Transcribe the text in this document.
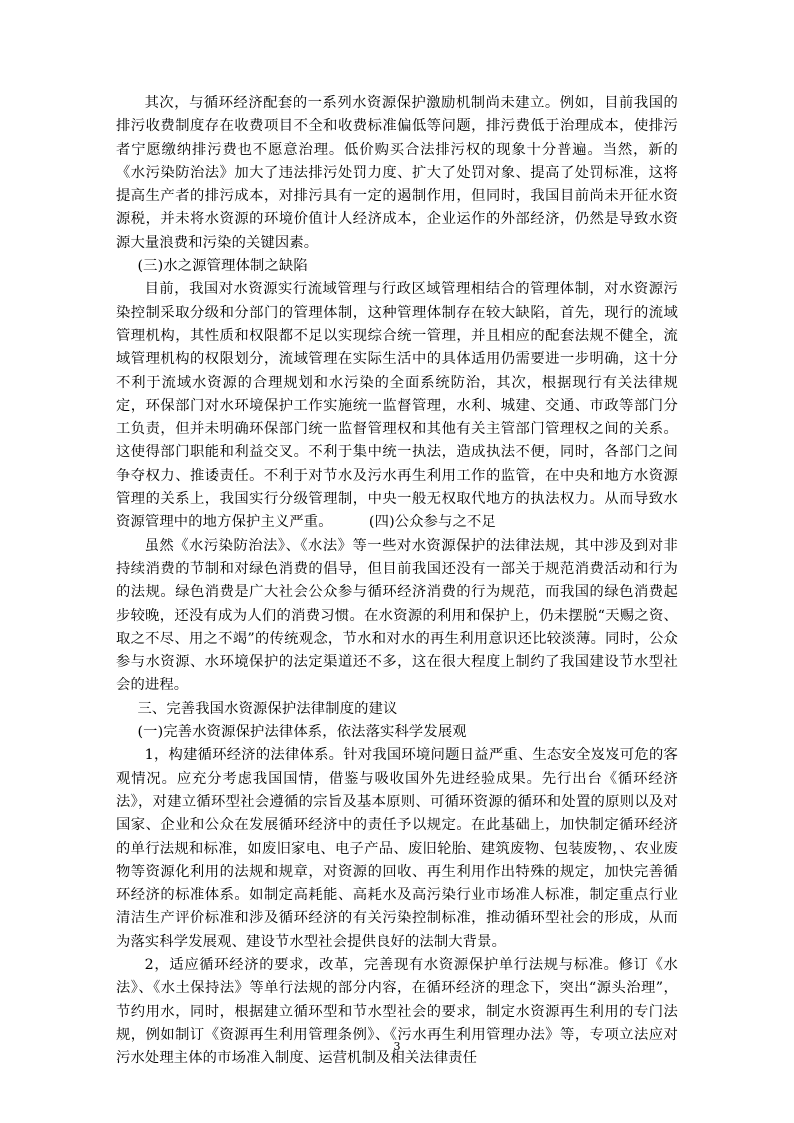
其次，与循环经济配套的一系列水资源保护激励机制尚未建立。例如，目前我国的排污收费制度存在收费项目不全和收费标准偏低等问题，排污费低于治理成本，使排污者宁愿缴纳排污费也不愿意治理。低价购买合法排污权的现象十分普遍。当然，新的《水污染防治法》加大了违法排污处罚力度、扩大了处罚对象、提高了处罚标准，这将提高生产者的排污成本，对排污具有一定的遏制作用，但同时，我国目前尚未开征水资源税，并未将水资源的环境价值计人经济成本，企业运作的外部经济，仍然是导致水资源大量浪费和污染的关键因素。

(三)水之源管理体制之缺陷

目前，我国对水资源实行流域管理与行政区域管理相结合的管理体制，对水资源污染控制采取分级和分部门的管理体制，这种管理体制存在较大缺陷，首先，现行的流域管理机构，其性质和权限都不足以实现综合统一管理，并且相应的配套法规不健全，流域管理机构的权限划分，流域管理在实际生活中的具体适用仍需要进一步明确，这十分不利于流域水资源的合理规划和水污染的全面系统防治，其次，根据现行有关法律规定，环保部门对水环境保护工作实施统一监督管理，水利、城建、交通、市政等部门分工负责，但并未明确环保部门统一监督管理权和其他有关主管部门管理权之间的关系。这使得部门职能和利益交叉。不利于集中统一执法，造成执法不便，同时，各部门之间争夺权力、推诿责任。不利于对节水及污水再生利用工作的监管，在中央和地方水资源管理的关系上，我国实行分级管理制，中央一般无权取代地方的执法权力。从而导致水资源管理中的地方保护主义严重。　　　(四)公众参与之不足

虽然《水污染防治法》、《水法》等一些对水资源保护的法律法规，其中涉及到对非持续消费的节制和对绿色消费的倡导，但目前我国还没有一部关于规范消费活动和行为的法规。绿色消费是广大社会公众参与循环经济消费的行为规范，而我国的绿色消费起步较晚，还没有成为人们的消费习惯。在水资源的利用和保护上，仍未摆脱“天赐之资、取之不尽、用之不竭”的传统观念，节水和对水的再生利用意识还比较淡薄。同时，公众参与水资源、水环境保护的法定渠道还不多，这在很大程度上制约了我国建设节水型社会的进程。

三、完善我国水资源保护法律制度的建议

(一)完善水资源保护法律体系，依法落实科学发展观

1，构建循环经济的法律体系。针对我国环境问题日益严重、生态安全岌岌可危的客观情况。应充分考虑我国国情，借鉴与吸收国外先进经验成果。先行出台《循环经济法》，对建立循环型社会遵循的宗旨及基本原则、可循环资源的循环和处置的原则以及对国家、企业和公众在发展循环经济中的责任予以规定。在此基础上，加快制定循环经济的单行法规和标准，如废旧家电、电子产品、废旧轮胎、建筑废物、包装废物，、农业废物等资源化利用的法规和规章，对资源的回收、再生利用作出特殊的规定，加快完善循环经济的标准体系。如制定高耗能、高耗水及高污染行业市场准人标准，制定重点行业清洁生产评价标准和涉及循环经济的有关污染控制标准，推动循环型社会的形成，从而为落实科学发展观、建设节水型社会提供良好的法制大背景。

2，适应循环经济的要求，改革，完善现有水资源保护单行法规与标准。修订《水法》、《水土保持法》等单行法规的部分内容，在循环经济的理念下，突出“源头治理”，节约用水，同时，根据建立循环型和节水型社会的要求，制定水资源再生利用的专门法规，例如制订《资源再生利用管理条例》、《污水再生利用管理办法》等，专项立法应对污水处理主体的市场准入制度、运营机制及相关法律责任

3
